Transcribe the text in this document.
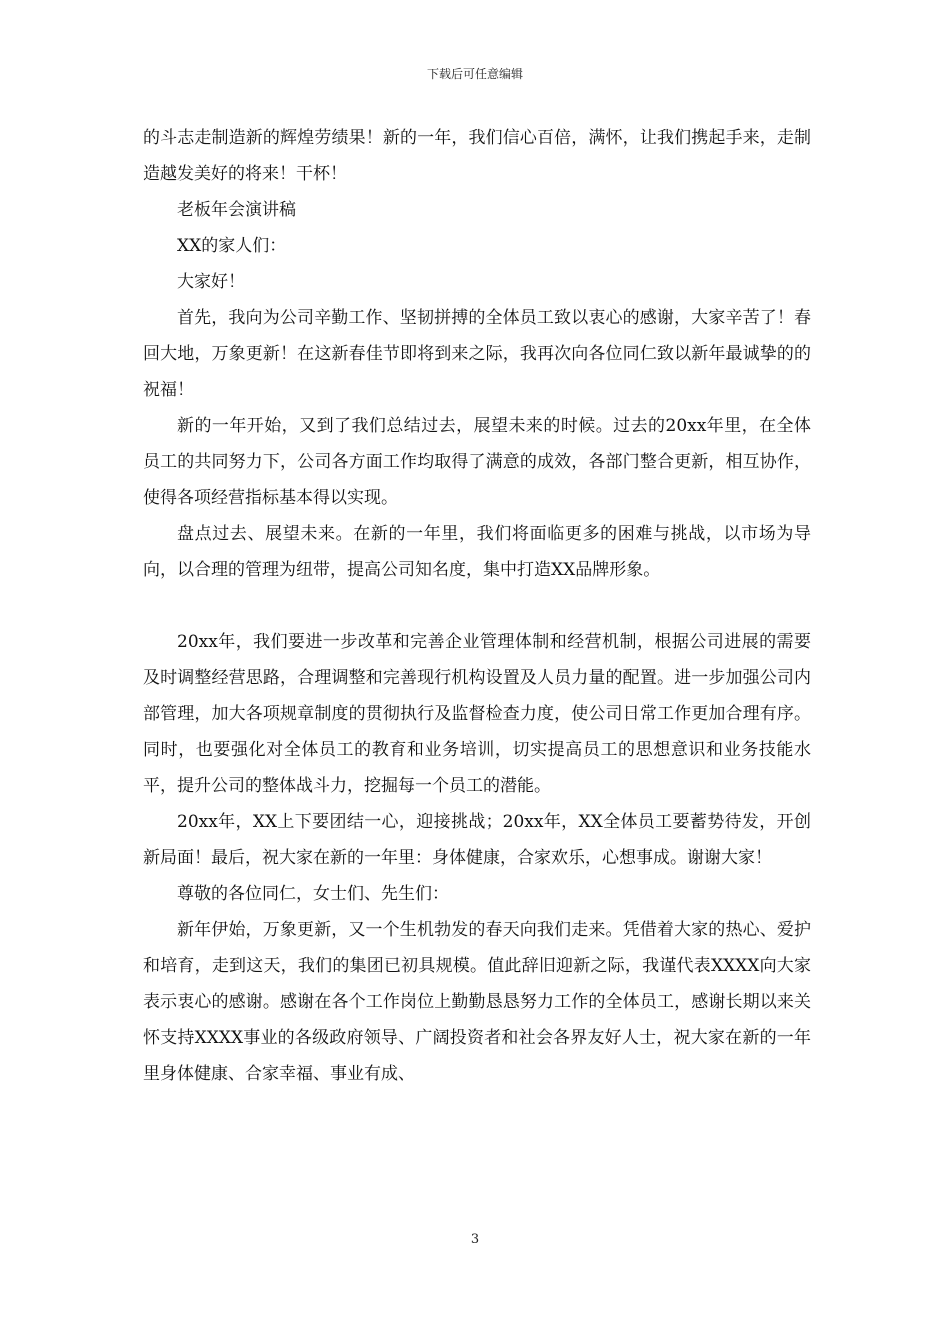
下载后可任意编辑

的斗志走制造新的辉煌劳绩果！新的一年，我们信心百倍，满怀，让我们携起手来，走制造越发美好的将来！干杯！

老板年会演讲稿

XX的家人们：

大家好！

首先，我向为公司辛勤工作、坚韧拼搏的全体员工致以衷心的感谢，大家辛苦了！春回大地，万象更新！在这新春佳节即将到来之际，我再次向各位同仁致以新年最诚挚的的祝福！

新的一年开始，又到了我们总结过去，展望未来的时候。过去的20xx年里，在全体员工的共同努力下，公司各方面工作均取得了满意的成效，各部门整合更新，相互协作，使得各项经营指标基本得以实现。

盘点过去、展望未来。在新的一年里，我们将面临更多的困难与挑战，以市场为导向，以合理的管理为纽带，提高公司知名度，集中打造XX品牌形象。

20xx年，我们要进一步改革和完善企业管理体制和经营机制，根据公司进展的需要及时调整经营思路，合理调整和完善现行机构设置及人员力量的配置。进一步加强公司内部管理，加大各项规章制度的贯彻执行及监督检查力度，使公司日常工作更加合理有序。同时，也要强化对全体员工的教育和业务培训，切实提高员工的思想意识和业务技能水平，提升公司的整体战斗力，挖掘每一个员工的潜能。

20xx年，XX上下要团结一心，迎接挑战；20xx年，XX全体员工要蓄势待发，开创新局面！最后，祝大家在新的一年里：身体健康，合家欢乐，心想事成。谢谢大家！

尊敬的各位同仁，女士们、先生们：

新年伊始，万象更新，又一个生机勃发的春天向我们走来。凭借着大家的热心、爱护和培育，走到这天，我们的集团已初具规模。值此辞旧迎新之际，我谨代表XXXX向大家表示衷心的感谢。感谢在各个工作岗位上勤勤恳恳努力工作的全体员工，感谢长期以来关怀支持XXXX事业的各级政府领导、广阔投资者和社会各界友好人士，祝大家在新的一年里身体健康、合家幸福、事业有成、

3
